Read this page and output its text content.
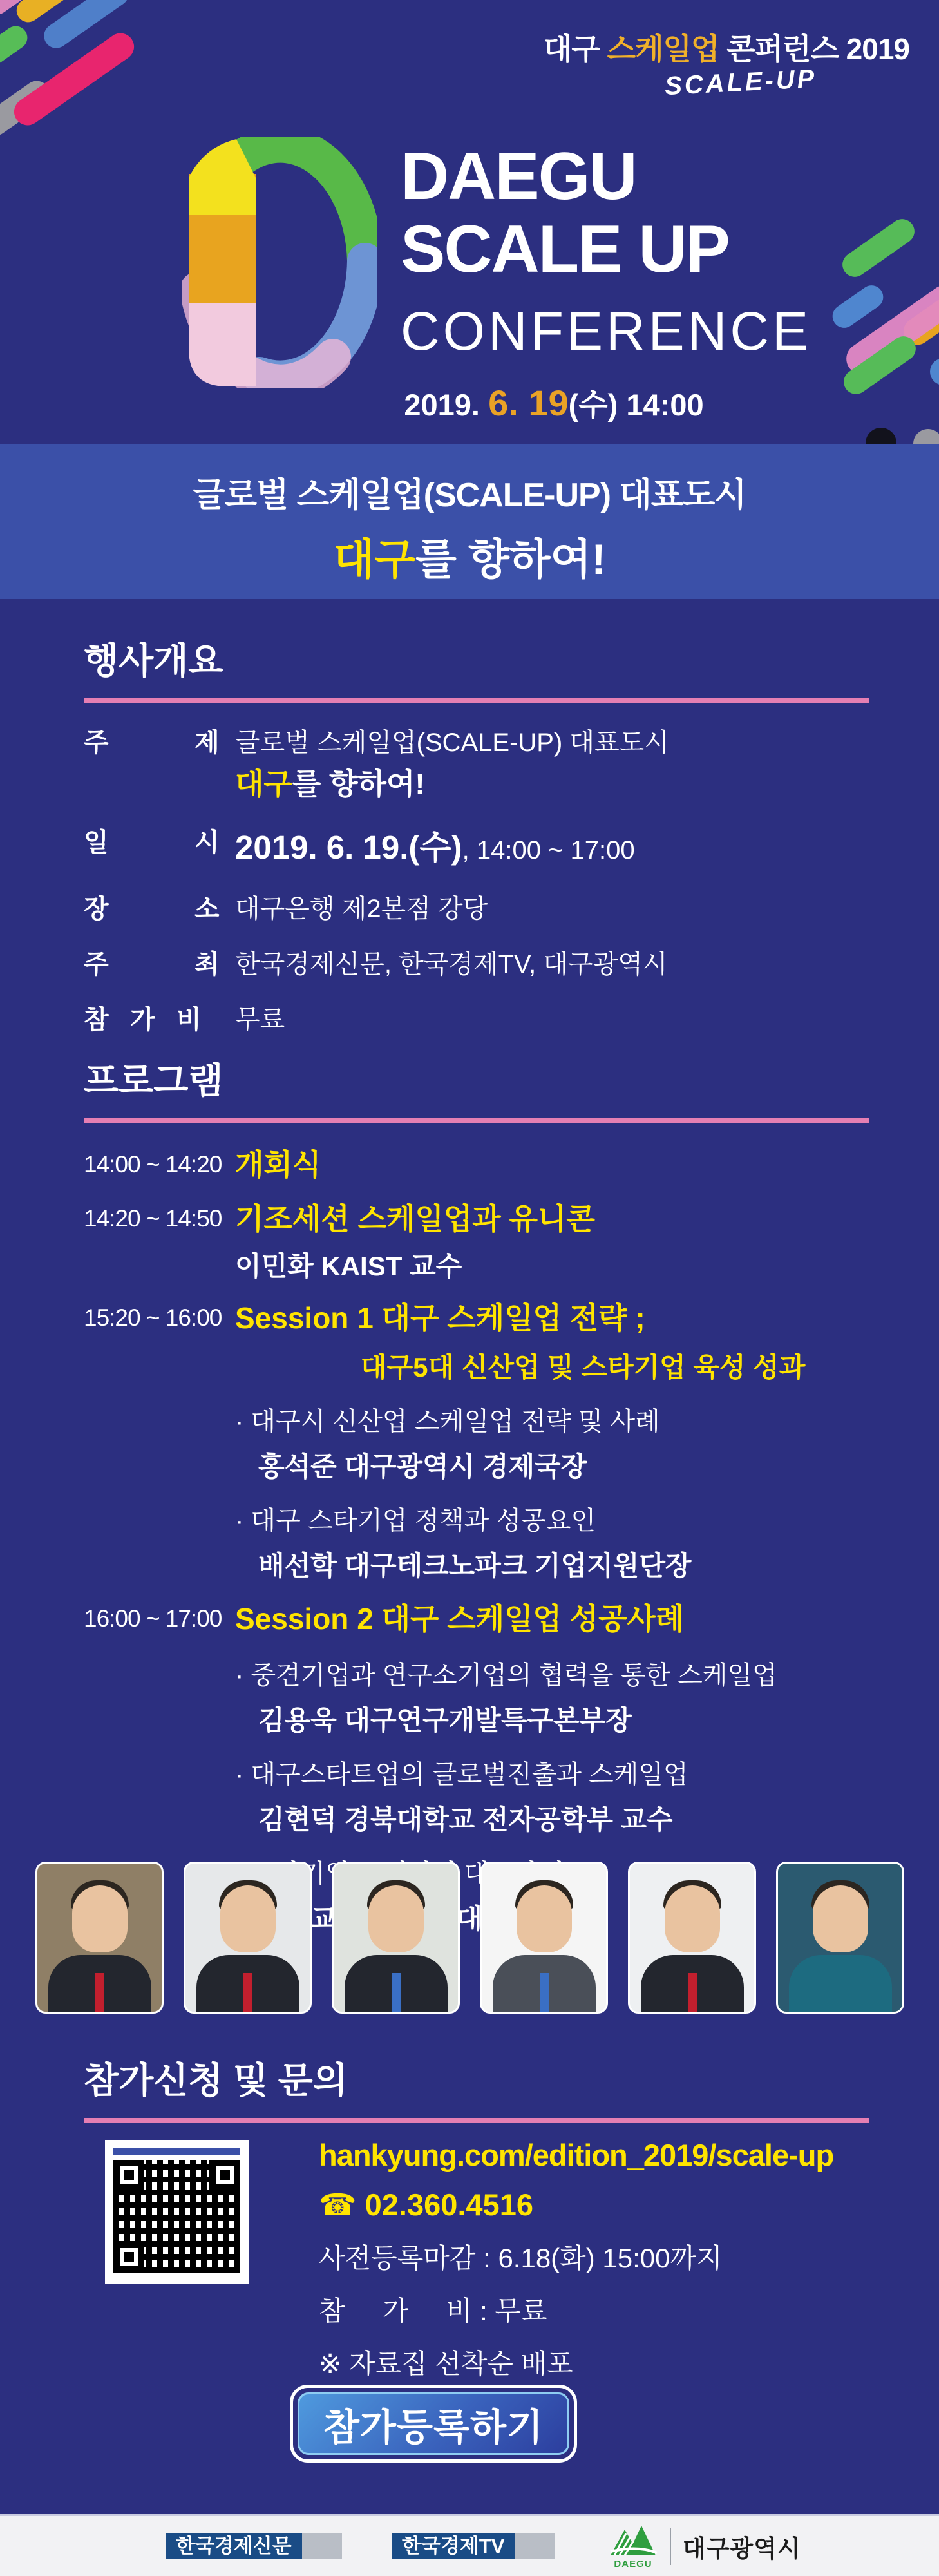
대구 스케일업 콘퍼런스 2019
SCALE-UP
DAEGU
SCALE UP
CONFERENCE
2019. 6. 19(수) 14:00
글로벌 스케일업(SCALE-UP) 대표도시
대구를 향하여!
행사개요
주            제 글로벌 스케일업(SCALE-UP) 대표도시
대구를 향하여!
일            시 2019. 6. 19.(수), 14:00 ~ 17:00
장            소 대구은행 제2본점 강당
주            최 한국경제신문, 한국경제TV, 대구광역시
참   가   비	무료
프로그램
14:00 ~ 14:20 개회식
14:20 ~ 14:50 기조세션 스케일업과 유니콘
이민화 KAIST 교수
15:20 ~ 16:00 Session 1 대구 스케일업 전략 ;
대구5대 신산업 및 스타기업 육성 성과
· 대구시 신산업 스케일업 전략 및 사례
홍석준 대구광역시 경제국장
· 대구 스타기업 정책과 성공요인
배선학 대구테크노파크 기업지원단장
16:00 ~ 17:00 Session 2 대구 스케일업 성공사례
· 중견기업과 연구소기업의 협력을 통한 스케일업
김용욱 대구연구개발특구본부장
· 대구스타트업의 글로벌진출과 스케일업
김현덕 경북대학교 전자공학부 교수
참가신청 및 문의
hankyung.com/edition_2019/scale-up
☎ 02.360.4516
사전등록마감 : 6.18(화) 15:00까지
참     가     비 : 무료
※ 자료집 선착순 배포
참가등록하기
한국경제신문	한국경제TV
DAEGU
대구광역시
